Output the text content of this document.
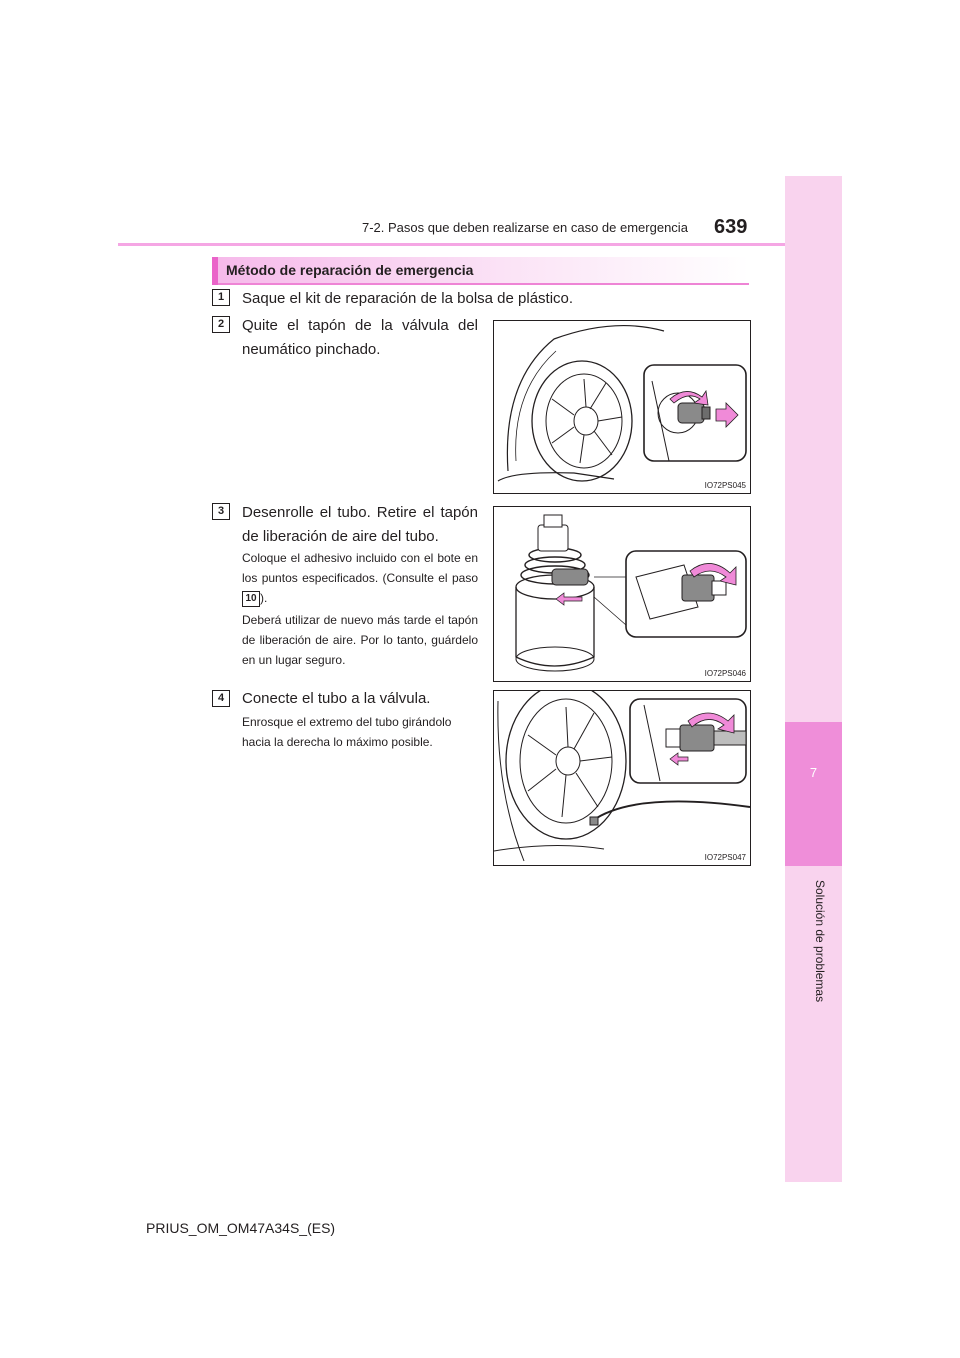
7-2. Pasos que deben realizarse en caso de emergencia 639
7
Solución de problemas
Método de reparación de emergencia
1	Saque el kit de reparación de la bolsa de plástico.
2	Quite el tapón de la válvula del neumático pinchado.
IO72PS045
3	Desenrolle el tubo. Retire el tapón de liberación de aire del tubo.
Coloque el adhesivo incluido con el bote en los puntos especificados. (Consulte el paso 10 ).
Deberá utilizar de nuevo más tarde el tapón de liberación de aire. Por lo tanto, guárdelo en un lugar seguro.
IO72PS046
4	Conecte el tubo a la válvula.
Enrosque el extremo del tubo girándolo hacia la derecha lo máximo posible.
IO72PS047
PRIUS_OM_OM47A34S_(ES)
